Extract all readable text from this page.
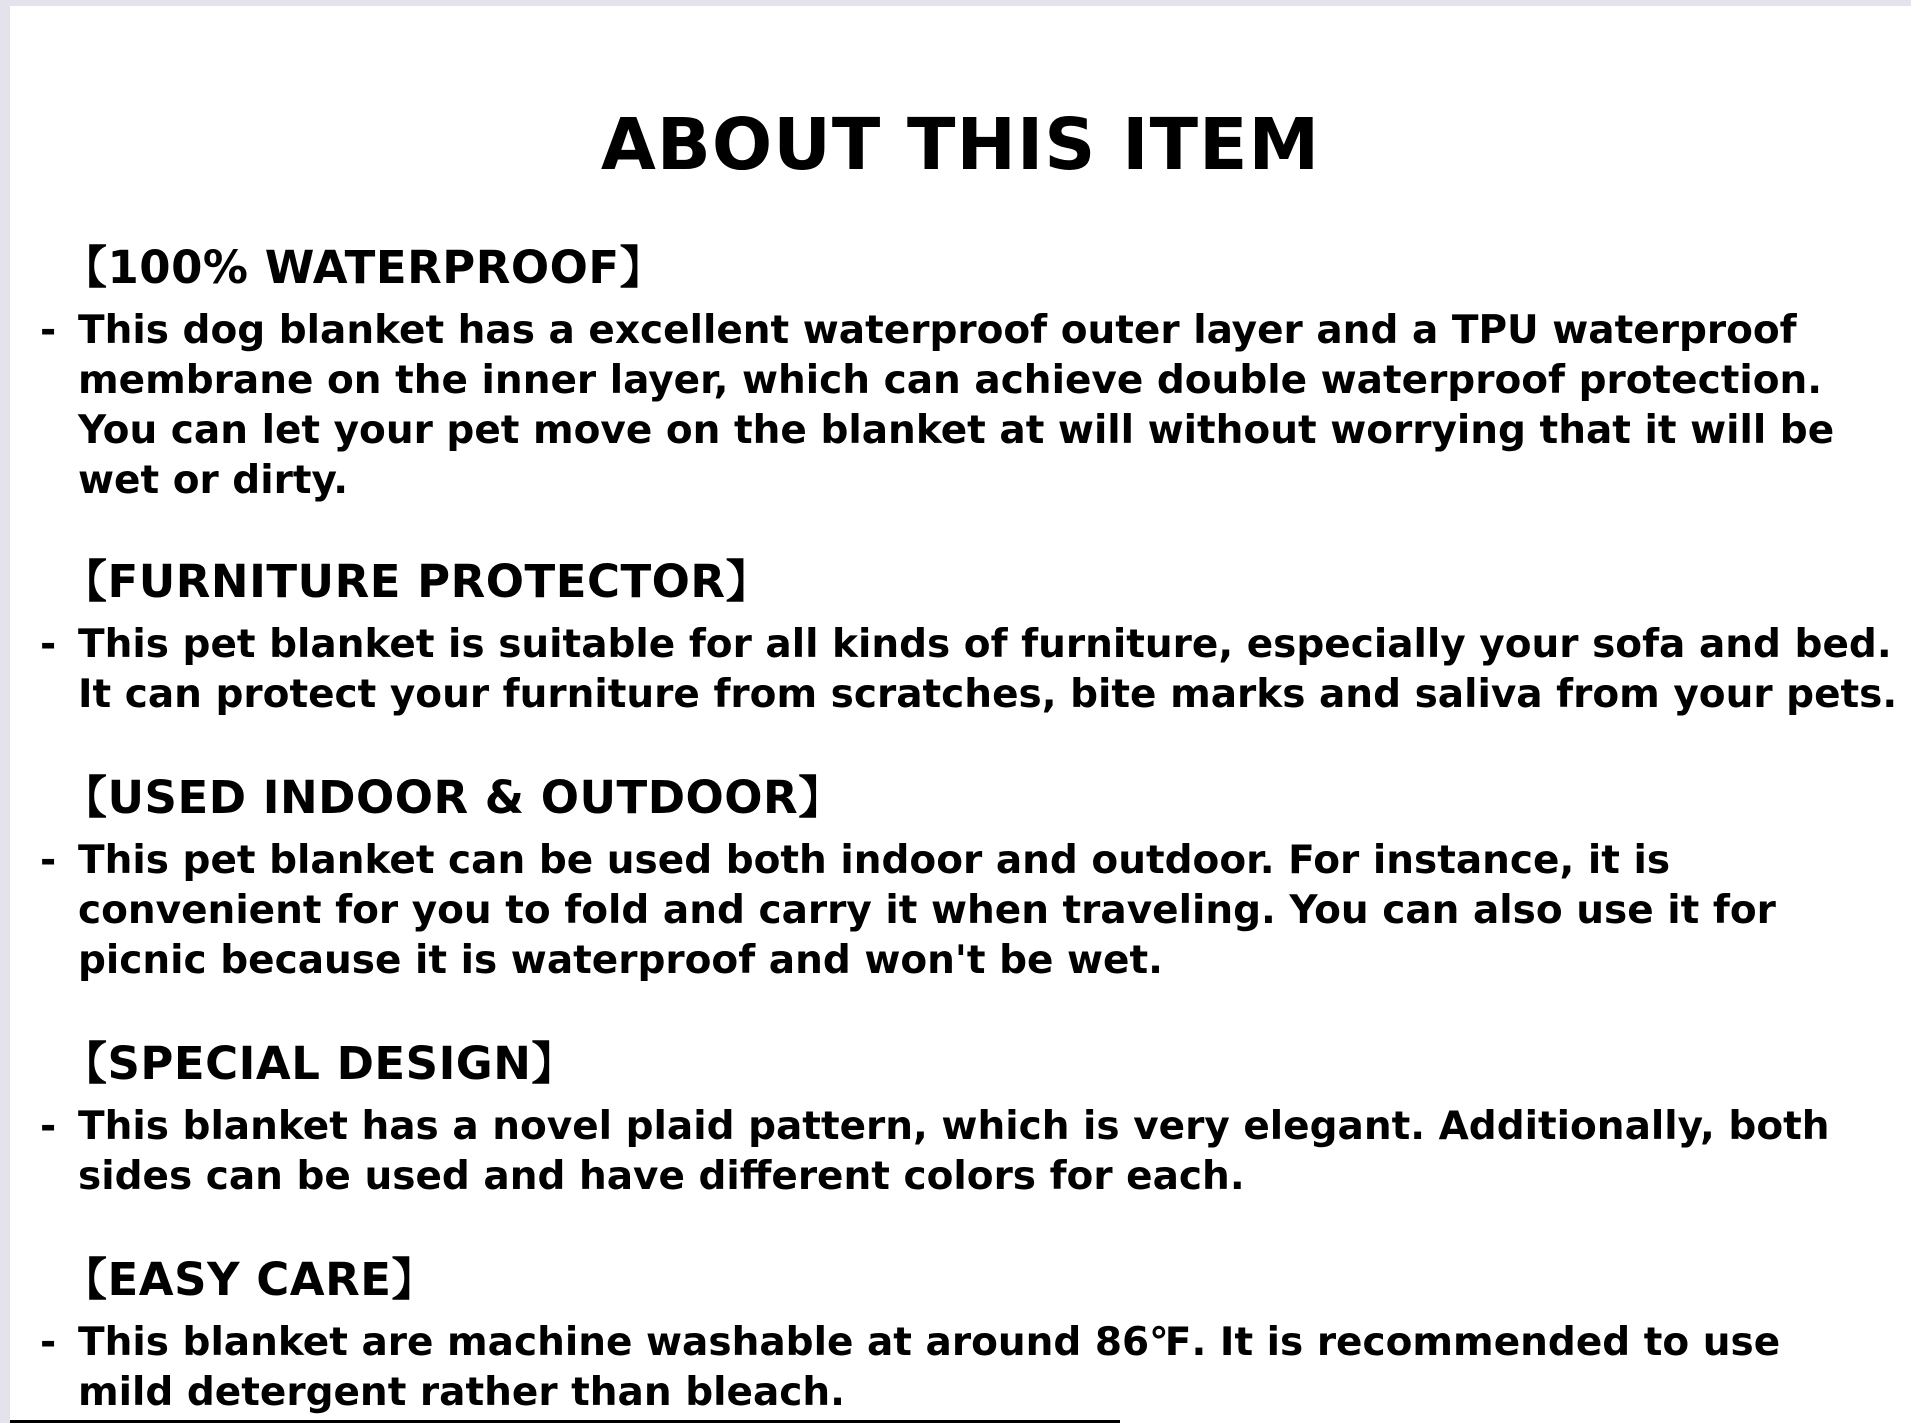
ABOUT THIS ITEM
【100% WATERPROOF】
- This dog blanket has a excellent waterproof outer layer and a TPU waterproof
membrane on the inner layer, which can achieve double waterproof protection.
You can let your pet move on the blanket at will without worrying that it will be
wet or dirty.
【FURNITURE PROTECTOR】
- This pet blanket is suitable for all kinds of furniture, especially your sofa and bed.
It can protect your furniture from scratches, bite marks and saliva from your pets.
【USED INDOOR & OUTDOOR】
- This pet blanket can be used both indoor and outdoor. For instance, it is
convenient for you to fold and carry it when traveling. You can also use it for
picnic because it is waterproof and won't be wet.
【SPECIAL DESIGN】
- This blanket has a novel plaid pattern, which is very elegant. Additionally, both
sides can be used and have different colors for each.
【EASY CARE】
- This blanket are machine washable at around 86℉. It is recommended to use
mild detergent rather than bleach.
